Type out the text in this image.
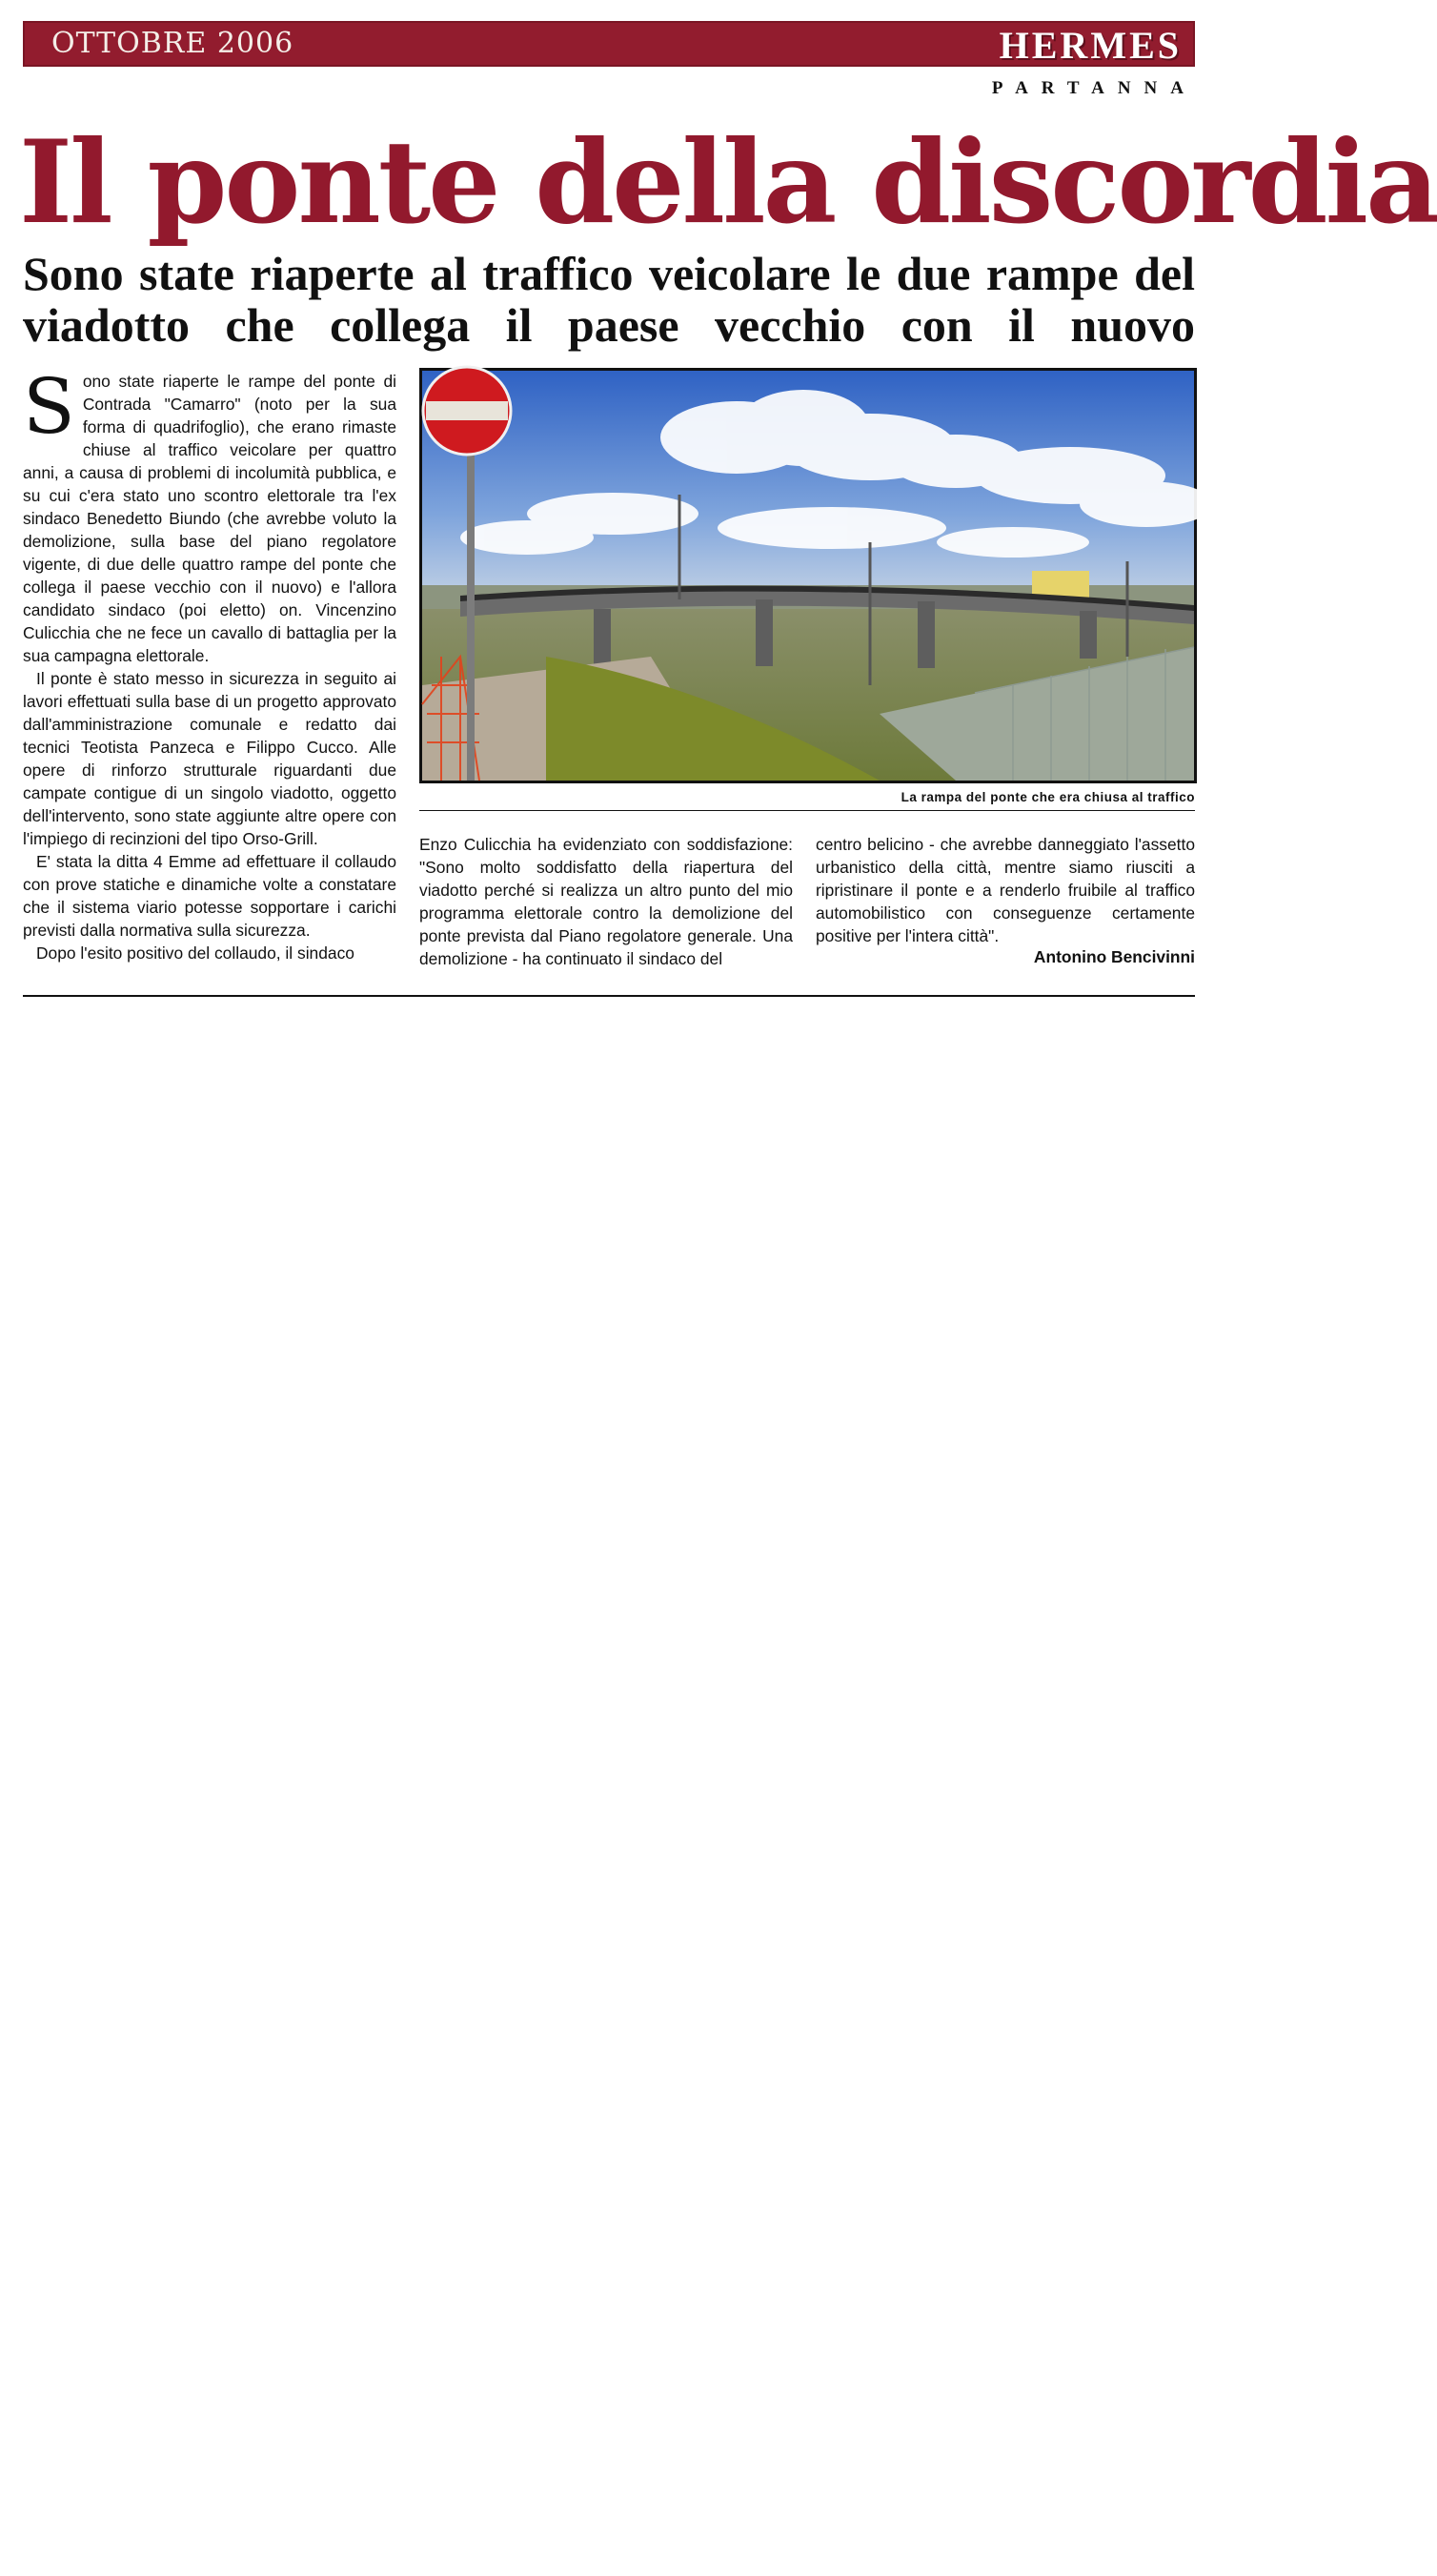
OTTOBRE 2006	HERMES
PARTANNA
Il ponte della discordia
Sono state riaperte al traffico veicolare le due rampe del viadotto che collega il paese vecchio con il nuovo

Sono state riaperte le rampe del ponte di Contrada "Camarro" (noto per la sua forma di quadrifoglio), che erano rimaste chiuse al traffico veicolare per quattro anni, a causa di problemi di incolumità pubblica, e su cui c'era stato uno scontro elettorale tra l'ex sindaco Benedetto Biundo (che avrebbe voluto la demolizione, sulla base del piano regolatore vigente, di due delle quattro rampe del ponte che collega il paese vecchio con il nuovo) e l'allora candidato sindaco (poi eletto) on. Vincenzino Culicchia che ne fece un cavallo di battaglia per la sua campagna elettorale.

Il ponte è stato messo in sicurezza in seguito ai lavori effettuati sulla base di un progetto approvato dall'amministrazione comunale e redatto dai tecnici Teotista Panzeca e Filippo Cucco. Alle opere di rinforzo strutturale riguardanti due campate contigue di un singolo viadotto, oggetto dell'intervento, sono state aggiunte altre opere con l'impiego di recinzioni del tipo Orso-Grill.

E' stata la ditta 4 Emme ad effettuare il collaudo con prove statiche e dinamiche volte a constatare che il sistema viario potesse sopportare i carichi previsti dalla normativa sulla sicurezza.

Dopo l'esito positivo del collaudo, il sindaco

La rampa del ponte che era chiusa al traffico

Enzo Culicchia ha evidenziato con soddisfazione: "Sono molto soddisfatto della riapertura del viadotto perché si realizza un altro punto del mio programma elettorale contro la demolizione del ponte prevista dal Piano regolatore generale. Una demolizione - ha continuato il sindaco del

centro belicino - che avrebbe danneggiato l'assetto urbanistico della città, mentre siamo riusciti a ripristinare il ponte e a renderlo fruibile al traffico automobilistico con conseguenze certamente positive per l'intera città".

Antonino Bencivinni
